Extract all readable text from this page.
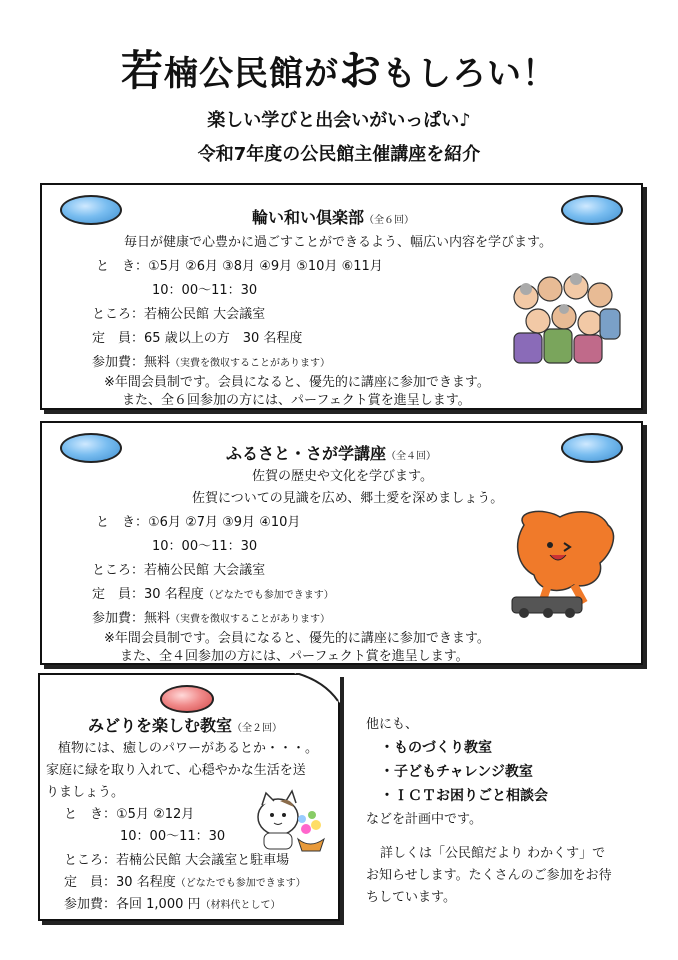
若楠公民館がおもしろい！
楽しい学びと出会いがいっぱい♪
令和7年度の公民館主催講座を紹介
輪い和い倶楽部（全６回）
毎日が健康で心豊かに過ごすことができるよう、幅広い内容を学びます。
と　き：①5月 ②6月 ③8月 ④9月 ⑤10月 ⑥11月
10：00～11：30
ところ：若楠公民館 大会議室
定　員：65 歳以上の方　30 名程度
参加費：無料（実費を徴収することがあります）
※年間会員制です。会員になると、優先的に講座に参加できます。
また、全６回参加の方には、パーフェクト賞を進呈します。
ふるさと・さが学講座（全４回）
佐賀の歴史や文化を学びます。
佐賀についての見識を広め、郷土愛を深めましょう。
と　き：①6月 ②7月 ③9月 ④10月
10：00～11：30
ところ：若楠公民館 大会議室
定　員：30 名程度（どなたでも参加できます）
参加費：無料（実費を徴収することがあります）
※年間会員制です。会員になると、優先的に講座に参加できます。
また、全４回参加の方には、パーフェクト賞を進呈します。
みどりを楽しむ教室（全２回）
植物には、癒しのパワーがあるとか・・・。
家庭に緑を取り入れて、心穏やかな生活を送
りましょう。
と　き：①5月 ②12月
10：00～11：30
ところ：若楠公民館 大会議室と駐車場
定　員：30 名程度（どなたでも参加できます）
参加費：各回 1,000 円（材料代として）
他にも、
・ものづくり教室
・子どもチャレンジ教室
・ＩＣＴお困りごと相談会
などを計画中です。
詳しくは「公民館だより わかくす」で
お知らせします。たくさんのご参加をお待
ちしています。
